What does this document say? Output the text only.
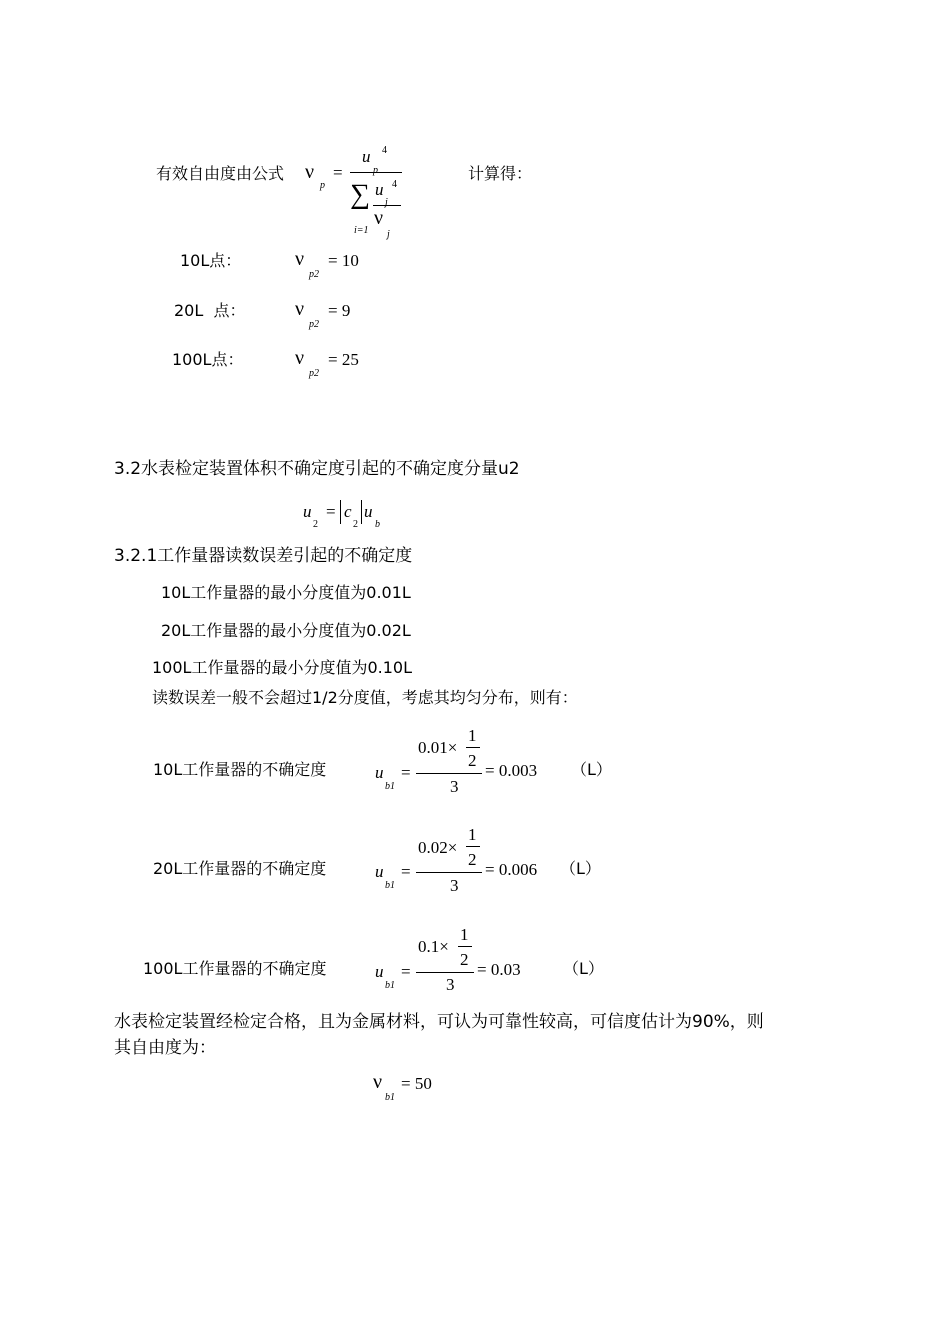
有效自由度由公式 ν
p
=
u 4
p
∑
i=1
u 4
j
ν
j
计算得：
10L点：	ν
p2
= 10
20L  点： ν
p2
= 9
100L点：	ν
p2
= 25
3.2水表检定装置体积不确定度引起的不确定度分量u2
u
2
= c
2
u
b
3.2.1工作量器读数误差引起的不确定度
10L工作量器的最小分度值为0.01L
20L工作量器的最小分度值为0.02L
100L工作量器的最小分度值为0.10L
读数误差一般不会超过1/2分度值，考虑其均匀分布，则有：
10L工作量器的不确定度	u
b1
=
0.01×
1
2
3
= 0.003 （L）
20L工作量器的不确定度	u
b1
=
0.02×
1
2
3
= 0.006 （L）
100L工作量器的不确定度	u
b1
=
0.1×
1
2
3
= 0.03	（L）
水表检定装置经检定合格，且为金属材料，可认为可靠性较高，可信度估计为90%，则
其自由度为：
ν
b1
= 50
